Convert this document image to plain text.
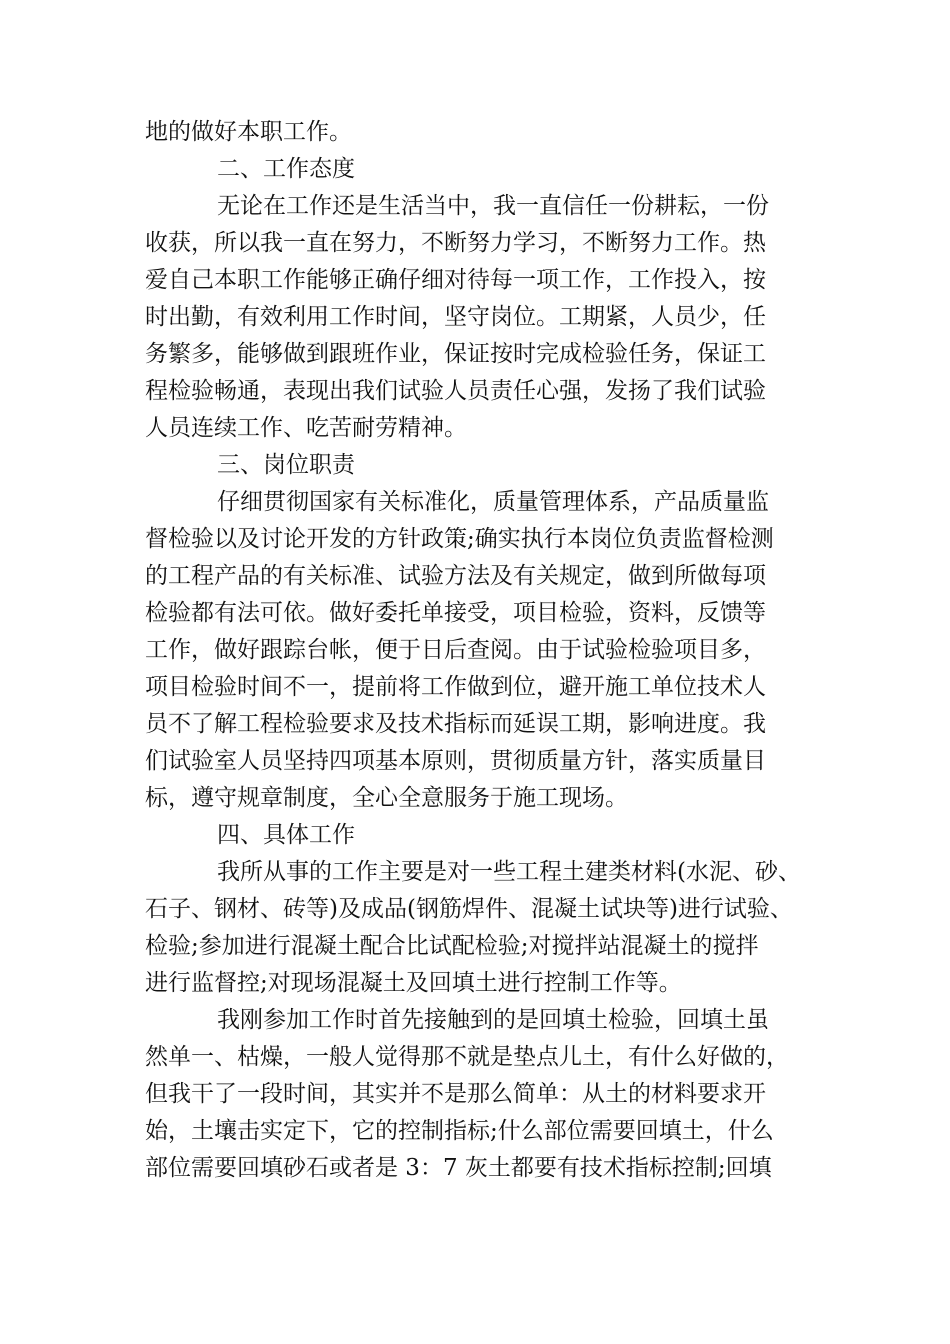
地的做好本职工作。
二、工作态度
无论在工作还是生活当中，我一直信任一份耕耘，一份
收获，所以我一直在努力，不断努力学习，不断努力工作。热
爱自己本职工作能够正确仔细对待每一项工作，工作投入，按
时出勤，有效利用工作时间，坚守岗位。工期紧，人员少，任
务繁多，能够做到跟班作业，保证按时完成检验任务，保证工
程检验畅通，表现出我们试验人员责任心强，发扬了我们试验
人员连续工作、吃苦耐劳精神。
三、岗位职责
仔细贯彻国家有关标准化，质量管理体系，产品质量监
督检验以及讨论开发的方针政策;确实执行本岗位负责监督检测
的工程产品的有关标准、试验方法及有关规定，做到所做每项
检验都有法可依。做好委托单接受，项目检验，资料，反馈等
工作，做好跟踪台帐，便于日后查阅。由于试验检验项目多，
项目检验时间不一，提前将工作做到位，避开施工单位技术人
员不了解工程检验要求及技术指标而延误工期，影响进度。我
们试验室人员坚持四项基本原则，贯彻质量方针，落实质量目
标，遵守规章制度，全心全意服务于施工现场。
四、具体工作
我所从事的工作主要是对一些工程土建类材料(水泥、砂、
石子、钢材、砖等)及成品(钢筋焊件、混凝土试块等)进行试验、
检验;参加进行混凝土配合比试配检验;对搅拌站混凝土的搅拌
进行监督控;对现场混凝土及回填土进行控制工作等。
我刚参加工作时首先接触到的是回填土检验，回填土虽
然单一、枯燥，一般人觉得那不就是垫点儿土，有什么好做的，
但我干了一段时间，其实并不是那么简单：从土的材料要求开
始，土壤击实定下，它的控制指标;什么部位需要回填土，什么
部位需要回填砂石或者是 3：7 灰土都要有技术指标控制;回填
